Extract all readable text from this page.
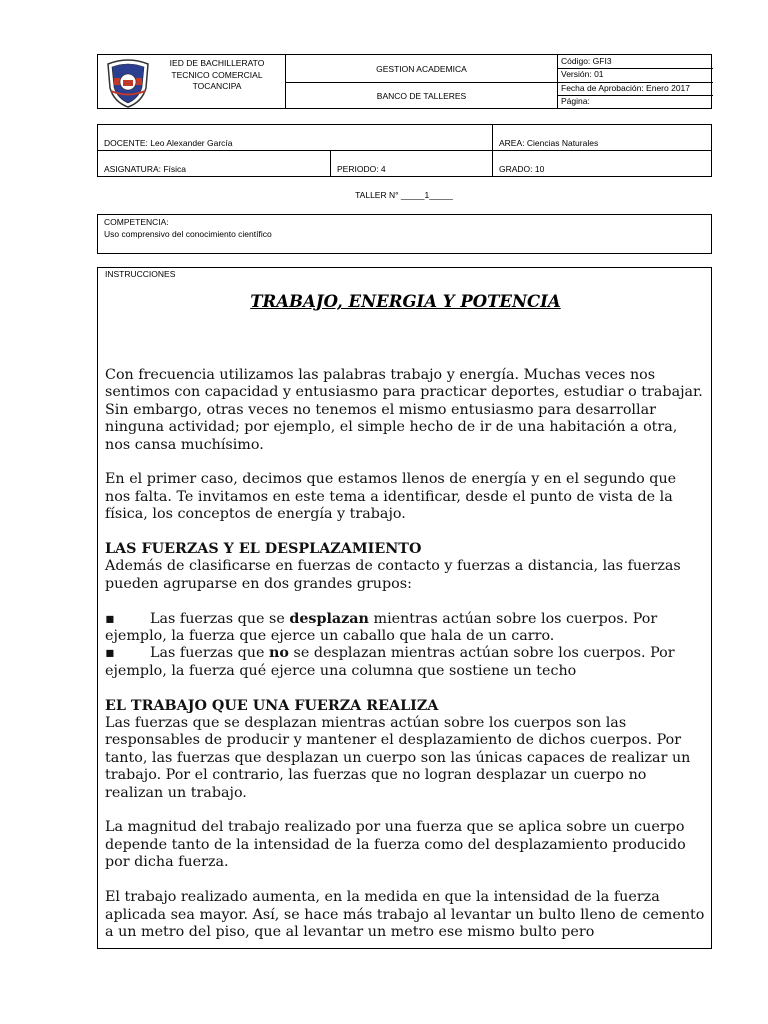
IED DE BACHILLERATO
TECNICO COMERCIAL
TOCANCIPA
GESTION ACADEMICA
BANCO DE TALLERES
Código: GFI3
Versión: 01
Fecha de Aprobación: Enero 2017
Página:
DOCENTE: Leo Alexander García	AREA: Ciencias Naturales
ASIGNATURA: Física	PERIODO: 4	GRADO: 10
TALLER N° _____1_____
COMPETENCIA:
Uso comprensivo del conocimiento científico
INSTRUCCIONES
TRABAJO, ENERGIA Y POTENCIA

Con frecuencia utilizamos las palabras trabajo y energía. Muchas veces nos sentimos con capacidad y entusiasmo para practicar deportes, estudiar o trabajar. Sin embargo, otras veces no tenemos el mismo entusiasmo para desarrollar ninguna actividad; por ejemplo, el simple hecho de ir de una habitación a otra, nos cansa muchísimo.

En el primer caso, decimos que estamos llenos de energía y en el segundo que nos falta. Te invitamos en este tema a identificar, desde el punto de vista de la física, los conceptos de energía y trabajo.

LAS FUERZAS Y EL DESPLAZAMIENTO

Además de clasificarse en fuerzas de contacto y fuerzas a distancia, las fuerzas pueden agruparse en dos grandes grupos:

▪ Las fuerzas que se desplazan mientras actúan sobre los cuerpos. Por ejemplo, la fuerza que ejerce un caballo que hala de un carro.

▪ Las fuerzas que no se desplazan mientras actúan sobre los cuerpos. Por ejemplo, la fuerza qué ejerce una columna que sostiene un techo

EL TRABAJO QUE UNA FUERZA REALIZA

Las fuerzas que se desplazan mientras actúan sobre los cuerpos son las responsables de producir y mantener el desplazamiento de dichos cuerpos. Por tanto, las fuerzas que desplazan un cuerpo son las únicas capaces de realizar un trabajo. Por el contrario, las fuerzas que no logran desplazar un cuerpo no realizan un trabajo.

La magnitud del trabajo realizado por una fuerza que se aplica sobre un cuerpo depende tanto de la intensidad de la fuerza como del desplazamiento producido por dicha fuerza.

El trabajo realizado aumenta, en la medida en que la intensidad de la fuerza aplicada sea mayor. Así, se hace más trabajo al levantar un bulto lleno de cemento a un metro del piso, que al levantar un metro ese mismo bulto pero
